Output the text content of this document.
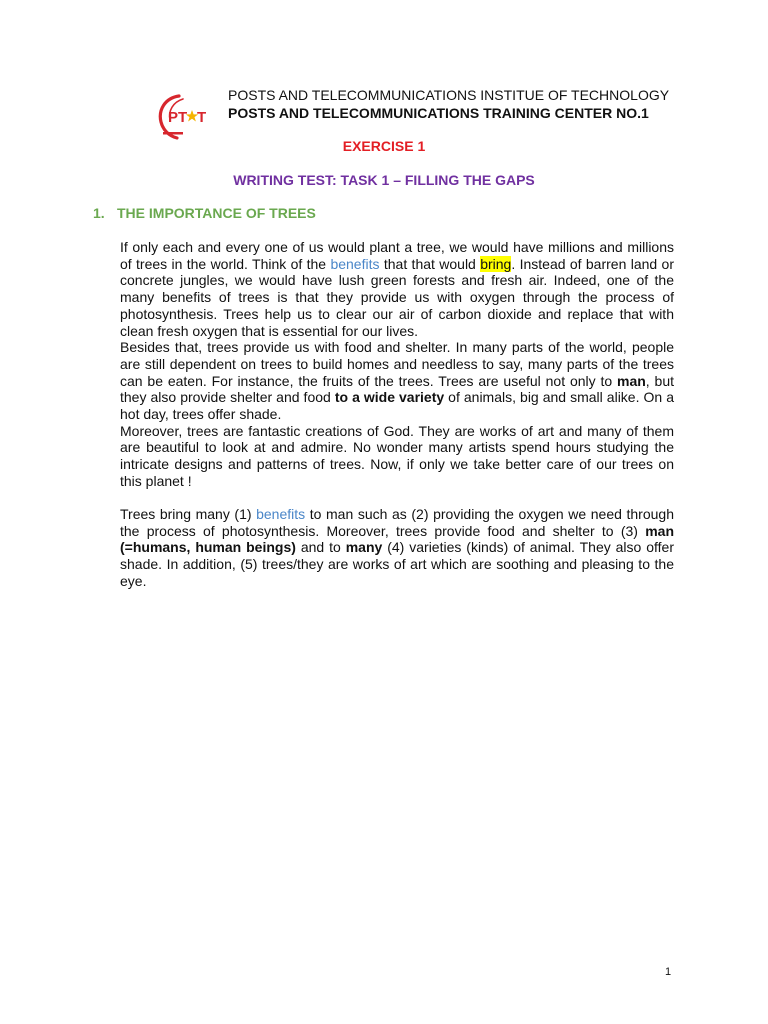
PT T
POSTS AND TELECOMMUNICATIONS INSTITUE OF TECHNOLOGY
POSTS AND TELECOMMUNICATIONS TRAINING CENTER NO.1
EXERCISE 1
WRITING TEST: TASK 1 – FILLING THE GAPS
1. THE IMPORTANCE OF TREES

If only each and every one of us would plant a tree, we would have millions and millions of trees in the world. Think of the benefits that that would bring. Instead of barren land or concrete jungles, we would have lush green forests and fresh air. Indeed, one of the many benefits of trees is that they provide us with oxygen through the process of photosynthesis. Trees help us to clear our air of carbon dioxide and replace that with clean fresh oxygen that is essential for our lives.

Besides that, trees provide us with food and shelter. In many parts of the world, people are still dependent on trees to build homes and needless to say, many parts of the trees can be eaten. For instance, the fruits of the trees. Trees are useful not only to man, but they also provide shelter and food to a wide variety of animals, big and small alike. On a hot day, trees offer shade.

Moreover, trees are fantastic creations of God. They are works of art and many of them are beautiful to look at and admire. No wonder many artists spend hours studying the intricate designs and patterns of trees. Now, if only we take better care of our trees on this planet !

Trees bring many (1) benefits to man such as (2) providing the oxygen we need through the process of photosynthesis. Moreover, trees provide food and shelter to (3) man (=humans, human beings) and to many (4) varieties (kinds) of animal. They also offer shade. In addition, (5) trees/they are works of art which are soothing and pleasing to the eye.

1
